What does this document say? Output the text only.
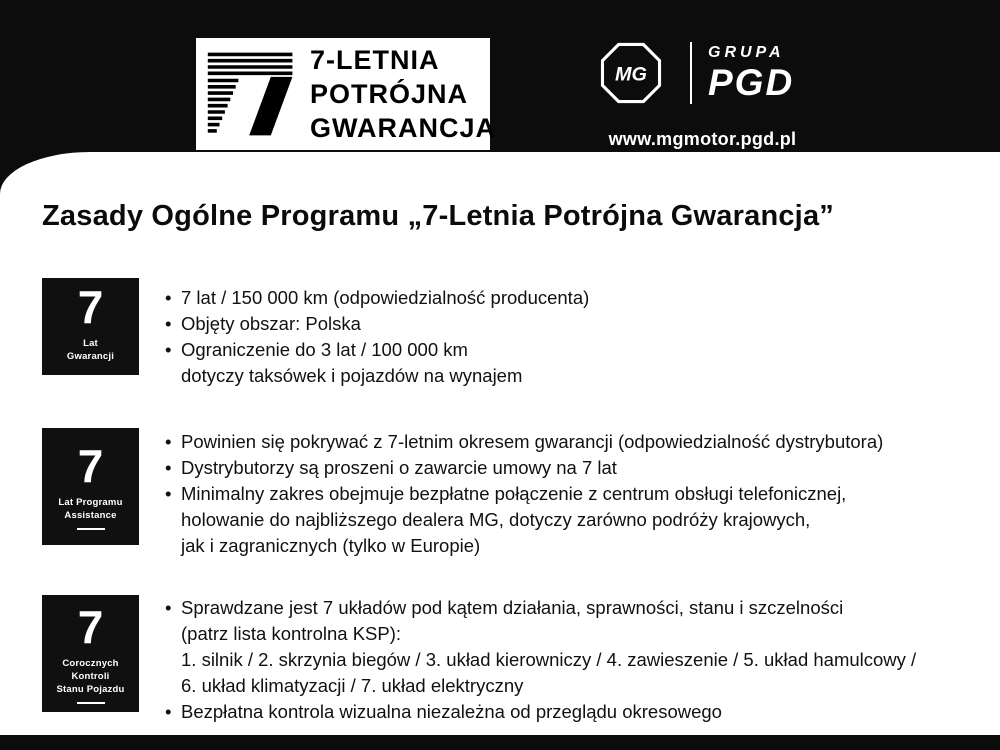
7-LETNIA
POTRÓJNA
GWARANCJA
MG
GRUPA
PGD
www.mgmotor.pgd.pl
Zasady Ogólne Programu „7-Letnia Potrójna Gwarancja”
7
Lat
Gwarancji
• 7 lat / 150 000 km (odpowiedzialność producenta)
• Objęty obszar: Polska
• Ograniczenie do 3 lat / 100 000 km
dotyczy taksówek i pojazdów na wynajem
7
Lat Programu
Assistance
• Powinien się pokrywać z 7-letnim okresem gwarancji (odpowiedzialność dystrybutora)
• Dystrybutorzy są proszeni o zawarcie umowy na 7 lat
• Minimalny zakres obejmuje bezpłatne połączenie z centrum obsługi telefonicznej,
holowanie do najbliższego dealera MG, dotyczy zarówno podróży krajowych,
jak i zagranicznych (tylko w Europie)
7
Corocznych Kontroli
Stanu Pojazdu
• Sprawdzane jest 7 układów pod kątem działania, sprawności, stanu i szczelności
(patrz lista kontrolna KSP):
1. silnik / 2. skrzynia biegów / 3. układ kierowniczy / 4. zawieszenie / 5. układ hamulcowy /
6. układ klimatyzacji / 7. układ elektryczny
• Bezpłatna kontrola wizualna niezależna od przeglądu okresowego
